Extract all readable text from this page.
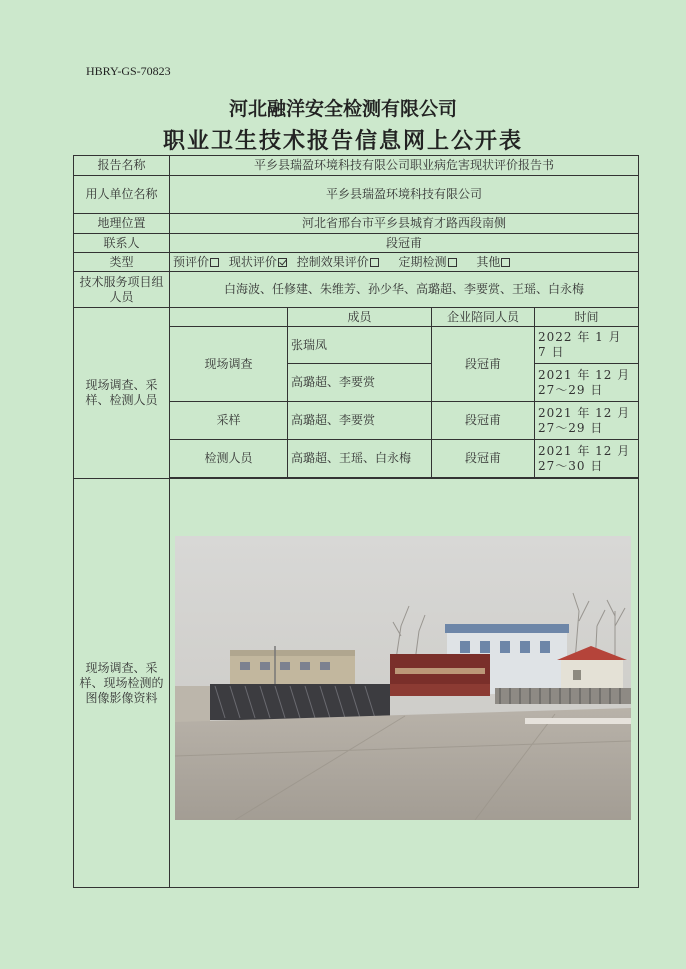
HBRY-GS-70823
河北融洋安全检测有限公司
职业卫生技术报告信息网上公开表
报告名称	平乡县瑞盈环境科技有限公司职业病危害现状评价报告书			
用人单位名称	平乡县瑞盈环境科技有限公司			
地理位置	河北省邢台市平乡县城育才路西段南侧			
联系人	段冠甫			
类型	预评价 现状评价 控制效果评价 定期检测 其他			
技术服务项目组人员	白海波、任修建、朱维芳、孙少华、高璐超、李要赏、王瑶、白永梅			
现场调查、采样、检测人员		成员	企业陪同人员	时间
	现场调查	张瑞凤	段冠甫	2022 年 1 月 7 日
		高璐超、李要赏		2021 年 12 月 27～29 日
	采样	高璐超、李要赏	段冠甫	2021 年 12 月 27～29 日
	检测人员	高璐超、王瑶、白永梅	段冠甫	2021 年 12 月 27～30 日

现场调查、采样、现场检测的图像影像资料	
